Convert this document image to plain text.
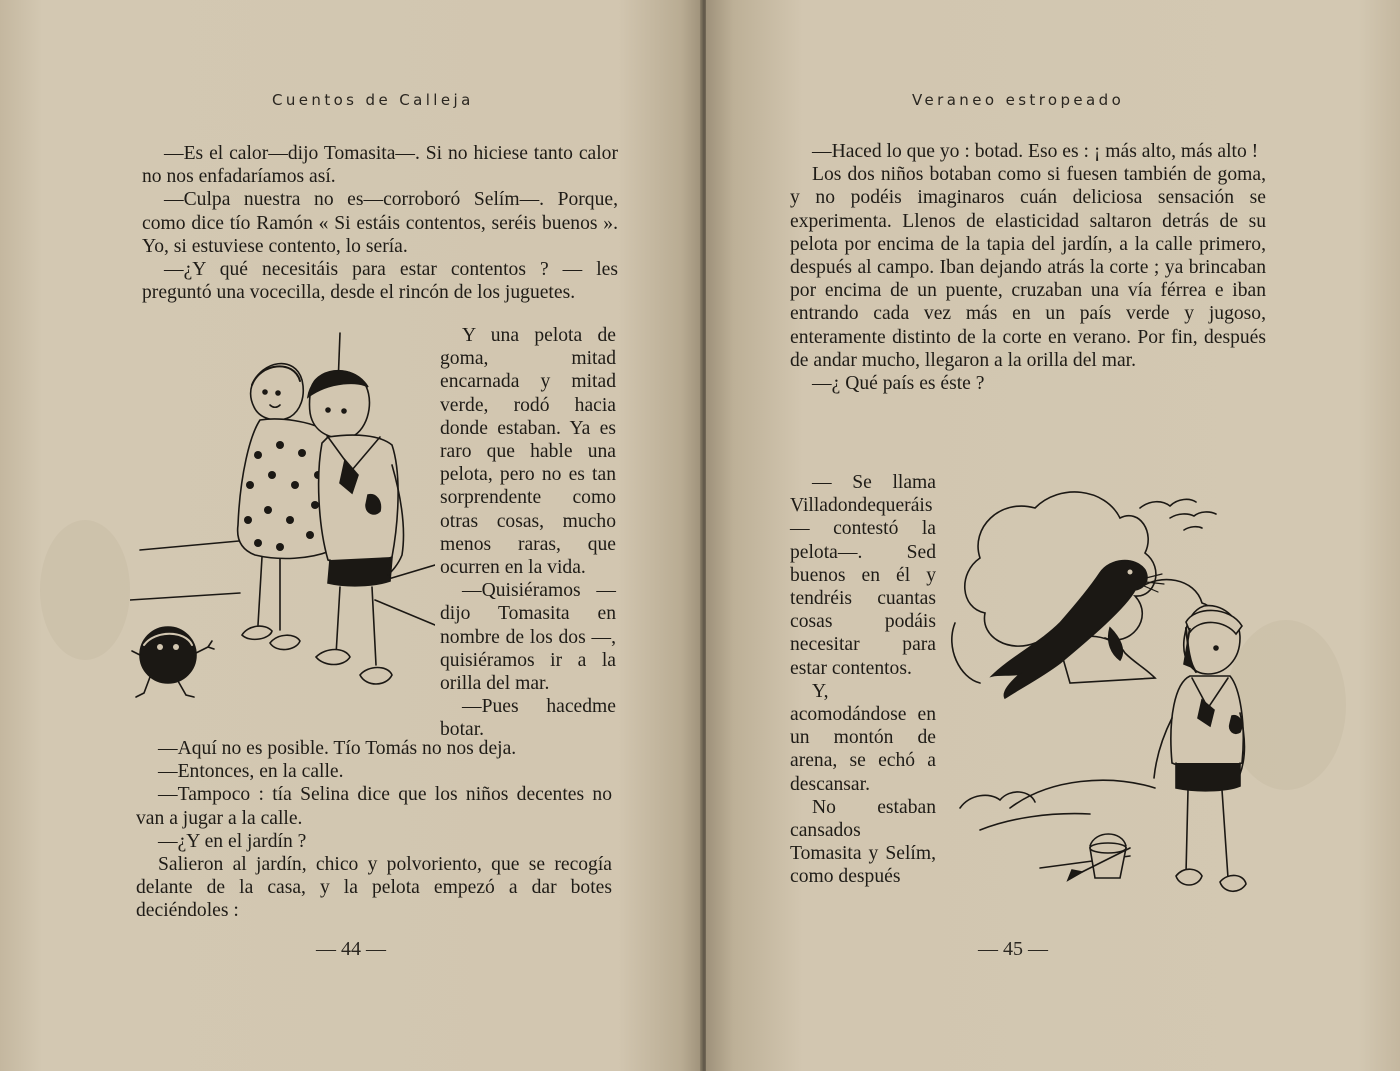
Cuentos de Calleja

—Es el calor—dijo Tomasita—. Si no hiciese tanto calor no nos enfadaríamos así.

—Culpa nuestra no es—corroboró Selím—. Porque, como dice tío Ramón « Si estáis contentos, seréis buenos ». Yo, si estuviese contento, lo sería.

—¿Y qué necesitáis para estar contentos ? — les preguntó una vocecilla, desde el rincón de los juguetes.

Y una pelota de goma, mitad encarnada y mitad verde, rodó hacia donde estaban. Ya es raro que hable una pelota, pero no es tan sorprendente como otras cosas, mucho menos raras, que ocurren en la vida.

—Quisiéramos — dijo Tomasita en nombre de los dos —, quisiéramos ir a la orilla del mar.

—Pues hacedme botar.

—Aquí no es posible. Tío Tomás no nos deja.

—Entonces, en la calle.

—Tampoco : tía Selina dice que los niños decentes no van a jugar a la calle.

—¿Y en el jardín ?

Salieron al jardín, chico y polvoriento, que se recogía delante de la casa, y la pelota empezó a dar botes deciéndoles :

— 44 —
Veraneo estropeado

—Haced lo que yo : botad. Eso es : ¡ más alto, más alto !

Los dos niños botaban como si fuesen también de goma, y no podéis imaginaros cuán deliciosa sensación se experimenta. Llenos de elasticidad saltaron detrás de su pelota por encima de la tapia del jardín, a la calle primero, después al campo. Iban dejando atrás la corte ; ya brincaban por encima de un puente, cruzaban una vía férrea e iban entrando cada vez más en un país verde y jugoso, enteramente distinto de la corte en verano. Por fin, después de andar mucho, llegaron a la orilla del mar.

—¿ Qué país es éste ?

— Se llama Villadondequeráis — contestó la pelota—. Sed buenos en él y tendréis cuantas cosas podáis necesitar para estar contentos.

Y, acomodándose en un montón de arena, se echó a descansar.

No estaban cansados Tomasita y Selím, como después

— 45 —
